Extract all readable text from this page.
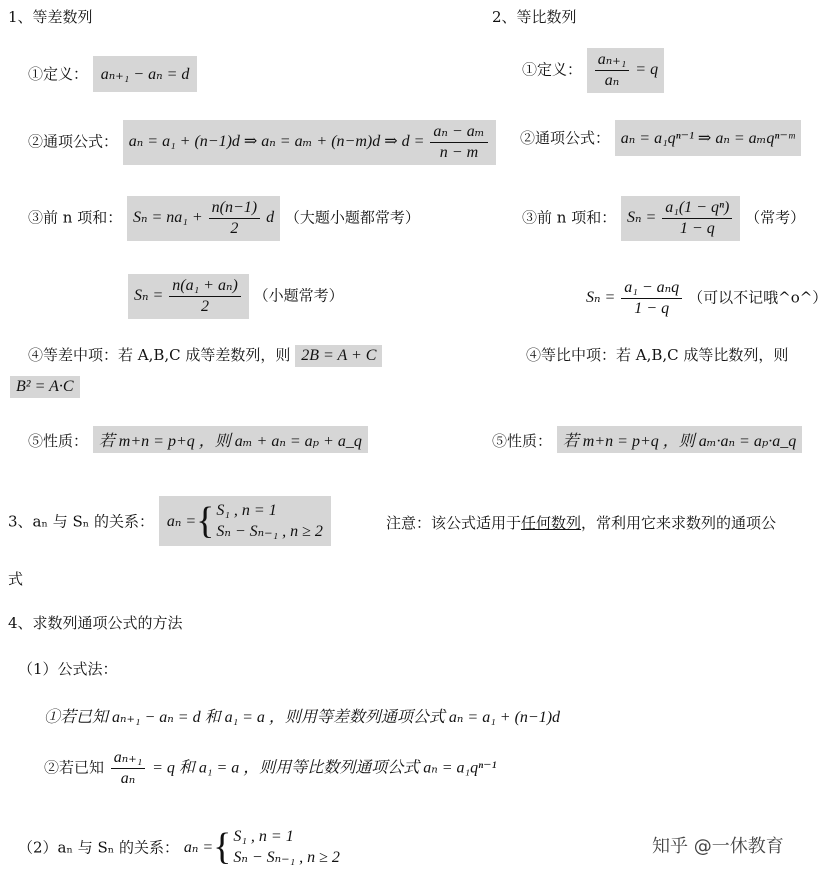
1、等差数列
①定义： aₙ₊₁ − aₙ = d
②通项公式： aₙ = a₁ + (n−1)d ⇒ aₙ = aₘ + (n−m)d ⇒ $d = \frac{\text{aₙ − aₘ}}{n - m}$
③前 n 项和： $S_n = na_1 + \frac{n(n-1)}{2}$ d （大题小题都常考）
$S_n = \frac{\text{n(a₁ + aₙ)}}{2}$ （小题常考）
④等差中项：若 A,B,C 成等差数列，则 2B = A + C
⑤性质： 若 m+n = p+q ，则 aₘ + aₙ = aₚ + a_q
2、等比数列
①定义： $\frac{\text{aₙ₊₁}}{\text{aₙ}} = q$
②通项公式： aₙ = a₁qⁿ⁻¹ ⇒ aₙ = aₘqⁿ⁻ᵐ
③前 n 项和： $S_n = \frac{\text{a₁(1 − qⁿ)}}{1 - q}$ （常考）
$S_n = \frac{\text{a₁ − aₙq}}{1 - q}$ （可以不记哦^o^）
④等比中项：若 A,B,C 成等比数列，则
B² = A·C
⑤性质： 若 m+n = p+q ，则 aₘ·aₙ = aₚ·a_q
3、aₙ 与 Sₙ 的关系： aₙ = { S₁ , n = 1
Sₙ − Sₙ₋₁ , n ≥ 2	注意：该公式适用于任何数列，常利用它来求数列的通项公
式
4、求数列通项公式的方法
（1）公式法：
①若已知 aₙ₊₁ − aₙ = d 和 a₁ = a ，则用等差数列通项公式 aₙ = a₁ + (n−1)d
②若已知 $\frac{\text{aₙ₊₁}}{\text{aₙ}} = q$ 和 a₁ = a ，则用等比数列通项公式 aₙ = a₁qⁿ⁻¹
（2）aₙ 与 Sₙ 的关系： aₙ = { S₁ , n = 1
Sₙ − Sₙ₋₁ , n ≥ 2
知乎 @一休教育
